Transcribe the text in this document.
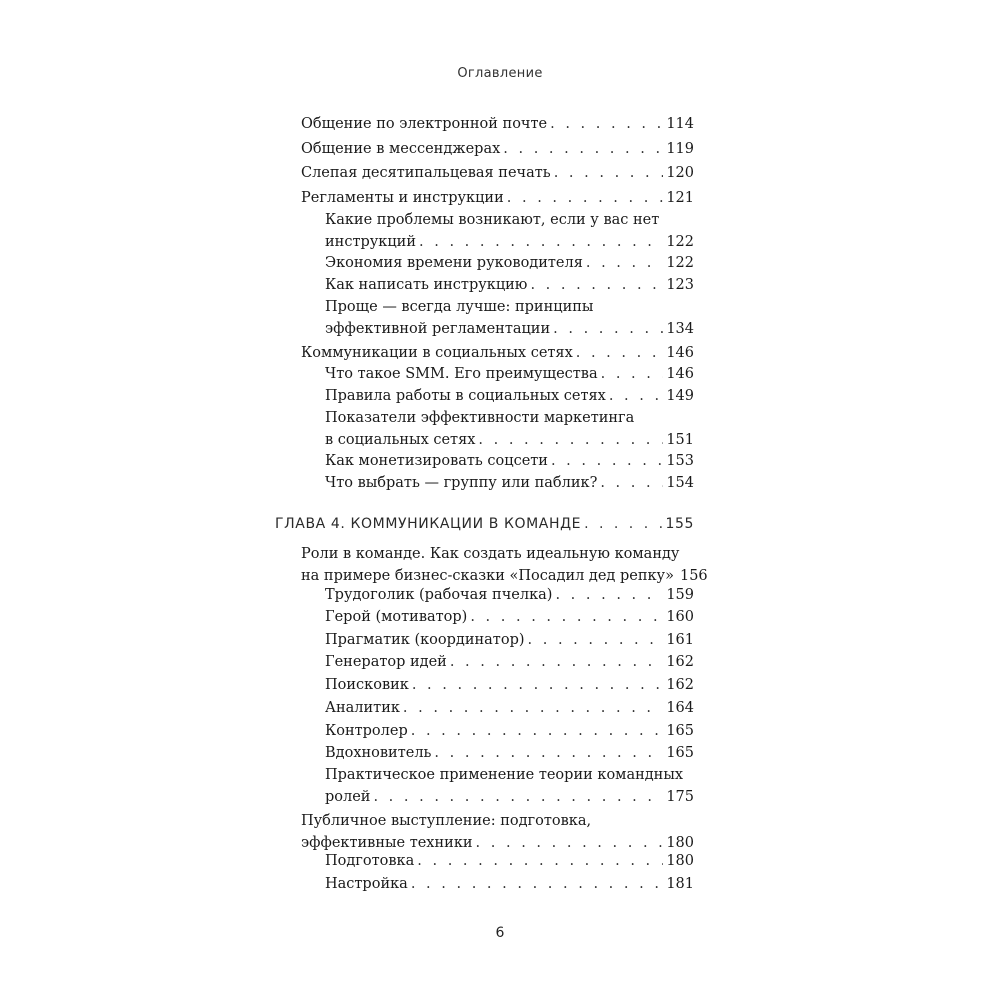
Оглавление
Общение по электронной почте . . .	114
Общение в мессенджерах . . .	119
Слепая десятипальцевая печать . . .	120
Регламенты и инструкции . . .	121
Какие проблемы возникают, если у вас нет
инструкций . . .	122
Экономия времени руководителя . . .	122
Как написать инструкцию . . .	123
Проще — всегда лучше: принципы
эффективной регламентации . . .	134
Коммуникации в социальных сетях . . .	146
Что такое SMM. Его преимущества . . .	146
Правила работы в социальных сетях . . .	149
Показатели эффективности маркетинга
в социальных сетях . . .	151
Как монетизировать соцсети . . .	153
Что выбрать — группу или паблик? . . .	154
ГЛАВА 4. КОММУНИКАЦИИ В КОМАНДЕ . . .	155
Роли в команде. Как создать идеальную команду
на примере бизнес-сказки «Посадил дед репку» 156
Трудоголик (рабочая пчелка) . . .	159
Герой (мотиватор) . . .	160
Прагматик (координатор) . . .	161
Генератор идей . . .	162
Поисковик . . .	162
Аналитик . . .	164
Контролер . . .	165
Вдохновитель . . .	165
Практическое применение теории командных
ролей . . .	175
Публичное выступление: подготовка,
эффективные техники . . .	180
Подготовка . . .	180
Настройка . . .	181
6
